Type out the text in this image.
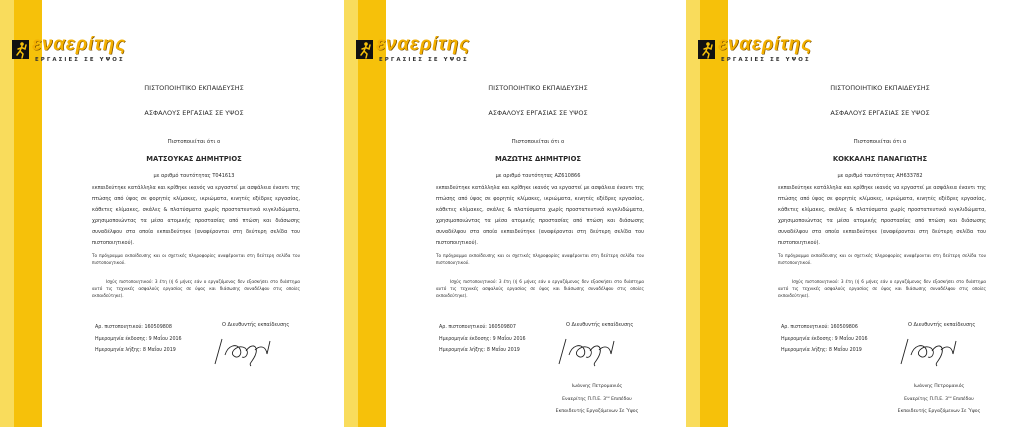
εναερίτης
ΕΡΓΑΣΙΕΣ ΣΕ ΥΨΟΣ
ΠΙΣΤΟΠΟΙΗΤΙΚΟ ΕΚΠΑΙΔΕΥΣΗΣ
ΑΣΦΑΛΟΥΣ ΕΡΓΑΣΙΑΣ ΣΕ ΥΨΟΣ
Πιστοποιείται ότι ο
ΜΑΤΣΟΥΚΑΣ ΔΗΜΗΤΡΙΟΣ
με αριθμό ταυτότητας Τ041613

εκπαιδεύτηκε κατάλληλα και κρίθηκε ικανός να εργαστεί με ασφάλεια έναντι της πτώσης από ύψος σε φορητές κλίμακες, ικριώματα, κινητές εξέδρες εργασίας, κάθετες κλίμακες, σκάλες & πλατύσματα χωρίς προστατευτικά κιγκλιδώματα, χρησιμοποιώντας τα μέσα ατομικής προστασίας από πτώση και διάσωσης συναδέλφου στα οποία εκπαιδεύτηκε (αναφέρονται στη δεύτερη σελίδα του πιστοποιητικού).

Το πρόγραμμα εκπαίδευσης και οι σχετικές πληροφορίες αναφέρονται στη δεύτερη σελίδα του πιστοποιητικού.

Ισχύς πιστοποιητικού: 3 έτη (ή 6 μήνες εάν ο εργαζόμενος δεν εξασκήσει στο διάστημα αυτό τις τεχνικές ασφαλούς εργασίας σε ύψος και διάσωσης συναδέλφου στις οποίες εκπαιδεύτηκε).

Αρ. πιστοποιητικού: 160509808
Ημερομηνία έκδοσης: 9 Μαΐου 2016
Ημερομηνία λήξης: 8 Μαΐου 2019
Ο Διευθυντής εκπαίδευσης
εναερίτης
ΕΡΓΑΣΙΕΣ ΣΕ ΥΨΟΣ
ΠΙΣΤΟΠΟΙΗΤΙΚΟ ΕΚΠΑΙΔΕΥΣΗΣ
ΑΣΦΑΛΟΥΣ ΕΡΓΑΣΙΑΣ ΣΕ ΥΨΟΣ
Πιστοποιείται ότι ο
ΜΑΖΩΤΗΣ ΔΗΜΗΤΡΙΟΣ
με αριθμό ταυτότητας ΑΖ610866

εκπαιδεύτηκε κατάλληλα και κρίθηκε ικανός να εργαστεί με ασφάλεια έναντι της πτώσης από ύψος σε φορητές κλίμακες, ικριώματα, κινητές εξέδρες εργασίας, κάθετες κλίμακες, σκάλες & πλατύσματα χωρίς προστατευτικά κιγκλιδώματα, χρησιμοποιώντας τα μέσα ατομικής προστασίας από πτώση και διάσωσης συναδέλφου στα οποία εκπαιδεύτηκε (αναφέρονται στη δεύτερη σελίδα του πιστοποιητικού).

Το πρόγραμμα εκπαίδευσης και οι σχετικές πληροφορίες αναφέρονται στη δεύτερη σελίδα του πιστοποιητικού.

Ισχύς πιστοποιητικού: 3 έτη (ή 6 μήνες εάν ο εργαζόμενος δεν εξασκήσει στο διάστημα αυτό τις τεχνικές ασφαλούς εργασίας σε ύψος και διάσωσης συναδέλφου στις οποίες εκπαιδεύτηκε).

Αρ. πιστοποιητικού: 160509807
Ημερομηνία έκδοσης: 9 Μαΐου 2016
Ημερομηνία λήξης: 8 Μαΐου 2019
Ο Διευθυντής εκπαίδευσης
Ιωάννης Πετρομανιός
Εναερίτης Π.Π.Ε. $3^{o\upsilon}$ Επιπέδου
Εκπαιδευτής Εργαζόμενων Σε Ύψος
εναερίτης
ΕΡΓΑΣΙΕΣ ΣΕ ΥΨΟΣ
ΠΙΣΤΟΠΟΙΗΤΙΚΟ ΕΚΠΑΙΔΕΥΣΗΣ
ΑΣΦΑΛΟΥΣ ΕΡΓΑΣΙΑΣ ΣΕ ΥΨΟΣ
Πιστοποιείται ότι ο
ΚΟΚΚΑΛΗΣ ΠΑΝΑΓΙΩΤΗΣ
με αριθμό ταυτότητας ΑΗ633782

εκπαιδεύτηκε κατάλληλα και κρίθηκε ικανός να εργαστεί με ασφάλεια έναντι της πτώσης από ύψος σε φορητές κλίμακες, ικριώματα, κινητές εξέδρες εργασίας, κάθετες κλίμακες, σκάλες & πλατύσματα χωρίς προστατευτικά κιγκλιδώματα, χρησιμοποιώντας τα μέσα ατομικής προστασίας από πτώση και διάσωσης συναδέλφου στα οποία εκπαιδεύτηκε (αναφέρονται στη δεύτερη σελίδα του πιστοποιητικού).

Το πρόγραμμα εκπαίδευσης και οι σχετικές πληροφορίες αναφέρονται στη δεύτερη σελίδα του πιστοποιητικού.

Ισχύς πιστοποιητικού: 3 έτη (ή 6 μήνες εάν ο εργαζόμενος δεν εξασκήσει στο διάστημα αυτό τις τεχνικές ασφαλούς εργασίας σε ύψος και διάσωσης συναδέλφου στις οποίες εκπαιδεύτηκε).

Αρ. πιστοποιητικού: 160509806
Ημερομηνία έκδοσης: 9 Μαΐου 2016
Ημερομηνία λήξης: 8 Μαΐου 2019
Ο Διευθυντής εκπαίδευσης
Ιωάννης Πετρομανιός
Εναερίτης Π.Π.Ε. $3^{o\upsilon}$ Επιπέδου
Εκπαιδευτής Εργαζόμενων Σε Ύψος
